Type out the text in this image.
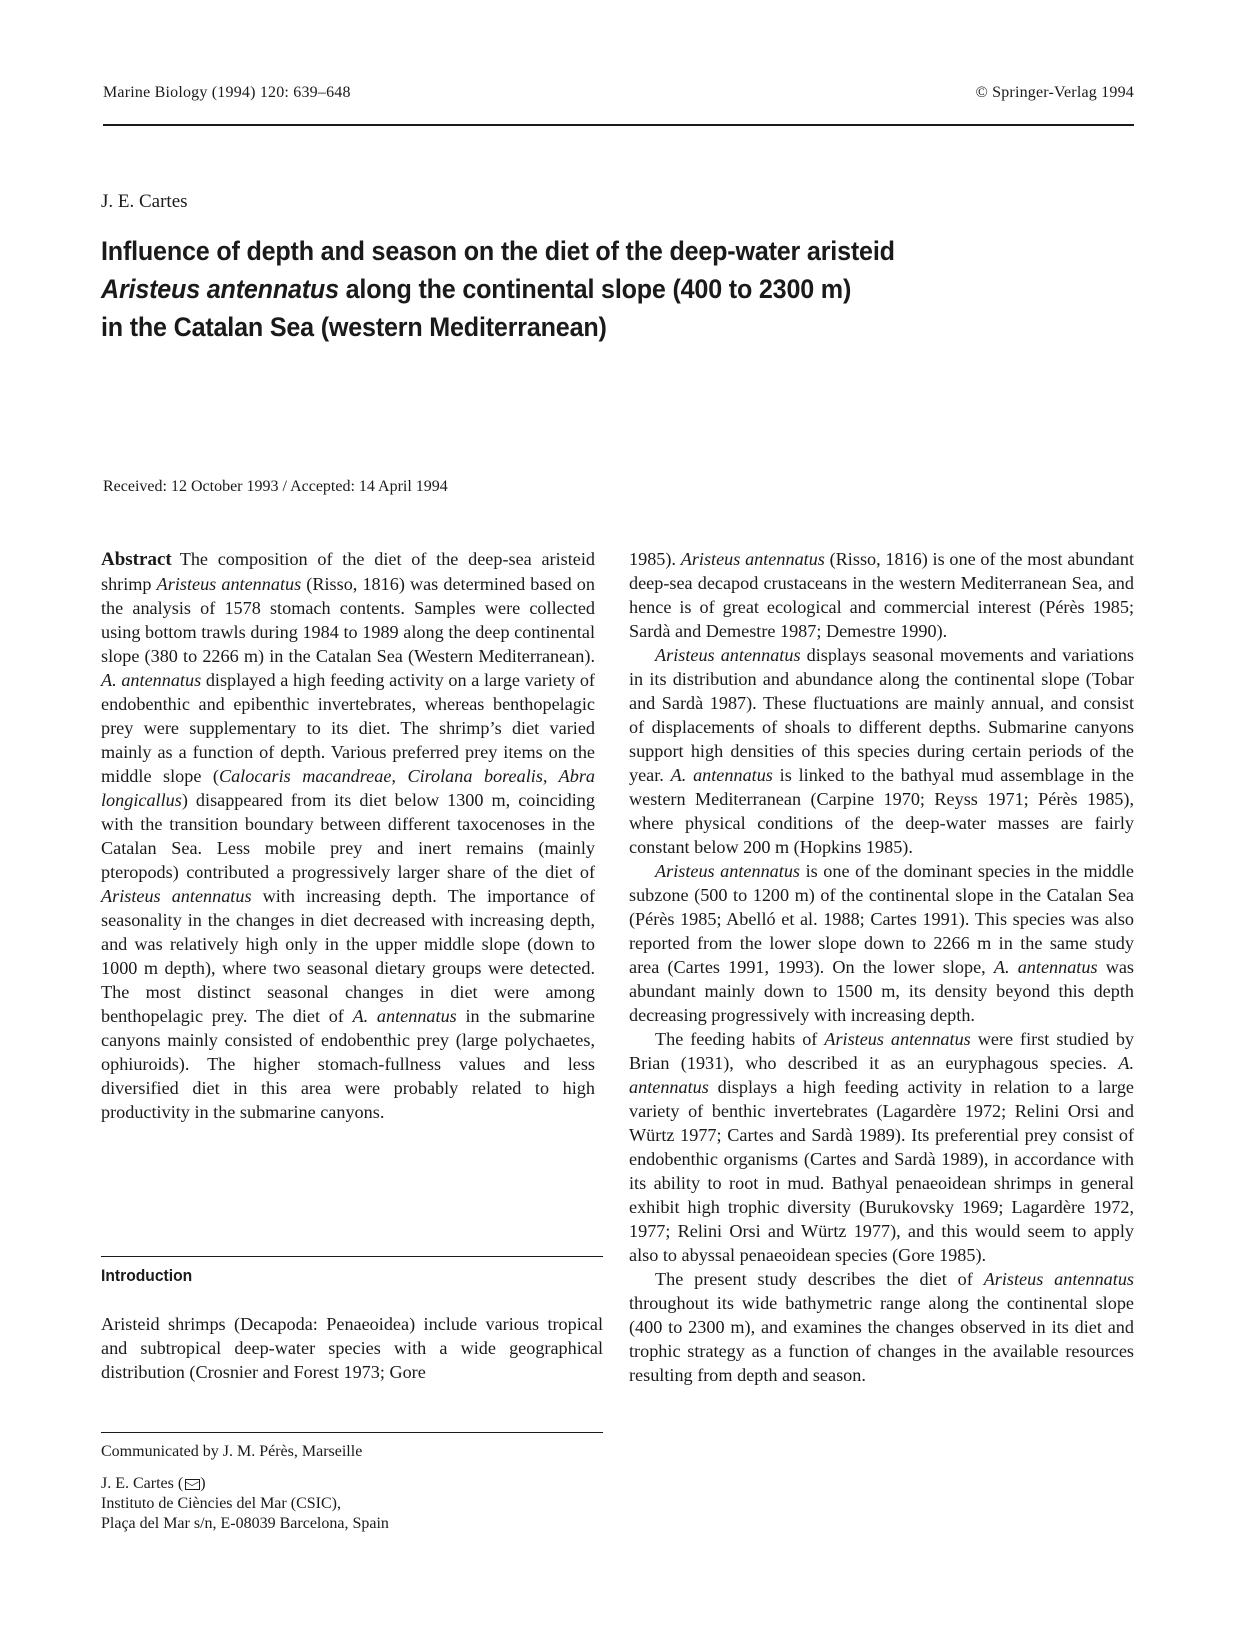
Marine Biology (1994) 120: 639–648	© Springer-Verlag 1994
J. E. Cartes
Influence of depth and season on the diet of the deep-water aristeid
Aristeus antennatus along the continental slope (400 to 2300 m)
in the Catalan Sea (western Mediterranean)
Received: 12 October 1993 / Accepted: 14 April 1994

Abstract The composition of the diet of the deep-sea aristeid shrimp Aristeus antennatus (Risso, 1816) was determined based on the analysis of 1578 stomach contents. Samples were collected using bottom trawls during 1984 to 1989 along the deep continental slope (380 to 2266 m) in the Catalan Sea (Western Mediterranean). A. antennatus displayed a high feeding activity on a large variety of endobenthic and epibenthic invertebrates, whereas benthopelagic prey were supplementary to its diet. The shrimp’s diet varied mainly as a function of depth. Various preferred prey items on the middle slope (Calocaris macandreae, Cirolana borealis, Abra longicallus) disappeared from its diet below 1300 m, coinciding with the transition boundary between different taxocenoses in the Catalan Sea. Less mobile prey and inert remains (mainly pteropods) contributed a progressively larger share of the diet of Aristeus antennatus with increasing depth. The importance of seasonality in the changes in diet decreased with increasing depth, and was relatively high only in the upper middle slope (down to 1000 m depth), where two seasonal dietary groups were detected. The most distinct seasonal changes in diet were among benthopelagic prey. The diet of A. antennatus in the submarine canyons mainly consisted of endobenthic prey (large polychaetes, ophiuroids). The higher stomach-fullness values and less diversified diet in this area were probably related to high productivity in the submarine canyons.

Introduction

Aristeid shrimps (Decapoda: Penaeoidea) include various tropical and subtropical deep-water species with a wide geographical distribution (Crosnier and Forest 1973; Gore

Communicated by J. M. Pérès, Marseille

J. E. Cartes ( )

Instituto de Ciències del Mar (CSIC),

Plaça del Mar s/n, E-08039 Barcelona, Spain

1985). Aristeus antennatus (Risso, 1816) is one of the most abundant deep-sea decapod crustaceans in the western Mediterranean Sea, and hence is of great ecological and commercial interest (Pérès 1985; Sardà and Demestre 1987; Demestre 1990).

Aristeus antennatus displays seasonal movements and variations in its distribution and abundance along the continental slope (Tobar and Sardà 1987). These fluctuations are mainly annual, and consist of displacements of shoals to different depths. Submarine canyons support high densities of this species during certain periods of the year. A. antennatus is linked to the bathyal mud assemblage in the western Mediterranean (Carpine 1970; Reyss 1971; Pérès 1985), where physical conditions of the deep-water masses are fairly constant below 200 m (Hopkins 1985).

Aristeus antennatus is one of the dominant species in the middle subzone (500 to 1200 m) of the continental slope in the Catalan Sea (Pérès 1985; Abelló et al. 1988; Cartes 1991). This species was also reported from the lower slope down to 2266 m in the same study area (Cartes 1991, 1993). On the lower slope, A. antennatus was abundant mainly down to 1500 m, its density beyond this depth decreasing progressively with increasing depth.

The feeding habits of Aristeus antennatus were first studied by Brian (1931), who described it as an euryphagous species. A. antennatus displays a high feeding activity in relation to a large variety of benthic invertebrates (Lagardère 1972; Relini Orsi and Würtz 1977; Cartes and Sardà 1989). Its preferential prey consist of endobenthic organisms (Cartes and Sardà 1989), in accordance with its ability to root in mud. Bathyal penaeoidean shrimps in general exhibit high trophic diversity (Burukovsky 1969; Lagardère 1972, 1977; Relini Orsi and Würtz 1977), and this would seem to apply also to abyssal penaeoidean species (Gore 1985).

The present study describes the diet of Aristeus antennatus throughout its wide bathymetric range along the continental slope (400 to 2300 m), and examines the changes observed in its diet and trophic strategy as a function of changes in the available resources resulting from depth and season.
